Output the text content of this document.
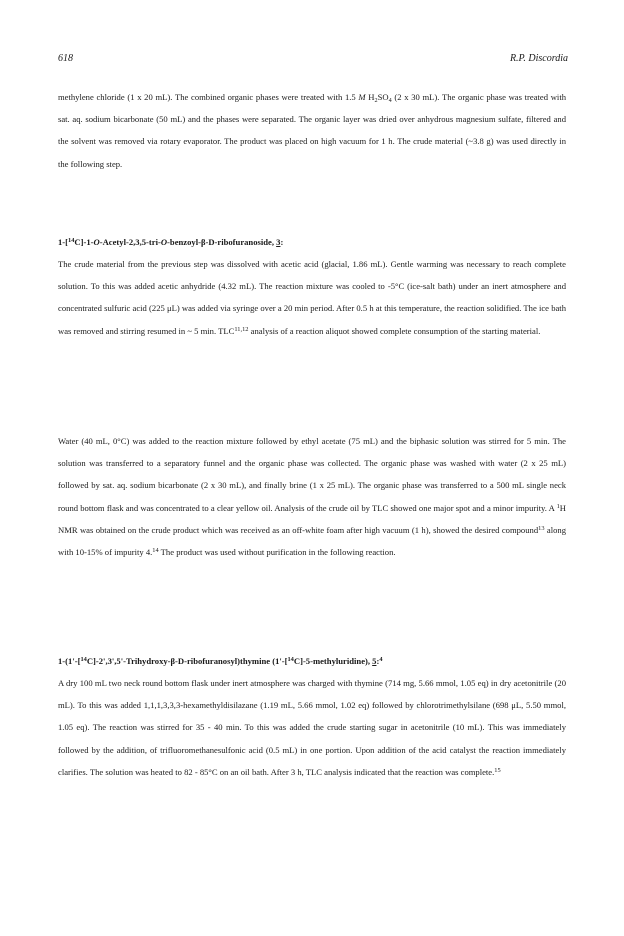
618	R.P. Discordia

methylene chloride (1 x 20 mL). The combined organic phases were treated with 1.5 M $H_2SO_4$ (2 x 30 mL). The organic phase was treated with sat. aq. sodium bicarbonate (50 mL) and the phases were separated. The organic layer was dried over anhydrous magnesium sulfate, filtered and the solvent was removed via rotary evaporator. The product was placed on high vacuum for 1 h. The crude material (~3.8 g) was used directly in the following step.

1-[$^{14}$C]-1-O-Acetyl-2,3,5-tri-O-benzoyl-β-D-ribofuranoside, 3:

The crude material from the previous step was dissolved with acetic acid (glacial, 1.86 mL). Gentle warming was necessary to reach complete solution. To this was added acetic anhydride (4.32 mL). The reaction mixture was cooled to -5°C (ice-salt bath) under an inert atmosphere and concentrated sulfuric acid (225 μL) was added via syringe over a 20 min period. After 0.5 h at this temperature, the reaction solidified. The ice bath was removed and stirring resumed in ~ 5 min. TLC$^{11,12}$ analysis of a reaction aliquot showed complete consumption of the starting material.

Water (40 mL, 0°C) was added to the reaction mixture followed by ethyl acetate (75 mL) and the biphasic solution was stirred for 5 min. The solution was transferred to a separatory funnel and the organic phase was collected. The organic phase was washed with water (2 x 25 mL) followed by sat. aq. sodium bicarbonate (2 x 30 mL), and finally brine (1 x 25 mL). The organic phase was transferred to a 500 mL single neck round bottom flask and was concentrated to a clear yellow oil. Analysis of the crude oil by TLC showed one major spot and a minor impurity. A $^1$H NMR was obtained on the crude product which was received as an off-white foam after high vacuum (1 h), showed the desired compound$^{13}$ along with 10-15% of impurity 4.14 The product was used without purification in the following reaction.

1-(1'-[$^{14}$C]-2',3',5'-Trihydroxy-β-D-ribofuranosyl)thymine (1'-[$^{14}$C]-5-methyluridine), 5:$^4$

A dry 100 mL two neck round bottom flask under inert atmosphere was charged with thymine (714 mg, 5.66 mmol, 1.05 eq) in dry acetonitrile (20 mL). To this was added 1,1,1,3,3,3-hexamethyldisilazane (1.19 mL, 5.66 mmol, 1.02 eq) followed by chlorotrimethylsilane (698 μL, 5.50 mmol, 1.05 eq). The reaction was stirred for 35 - 40 min. To this was added the crude starting sugar in acetonitrile (10 mL). This was immediately followed by the addition, of trifluoromethanesulfonic acid (0.5 mL) in one portion. Upon addition of the acid catalyst the reaction immediately clarifies. The solution was heated to 82 - 85°C on an oil bath. After 3 h, TLC analysis indicated that the reaction was complete.$^{15}$
